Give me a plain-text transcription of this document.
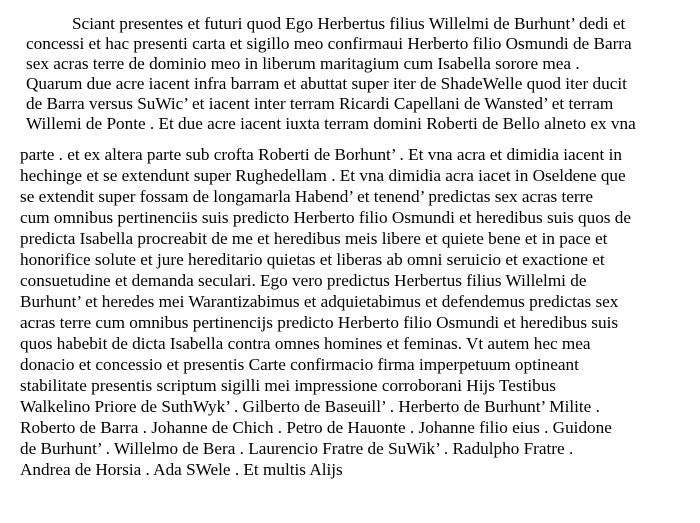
Sciant presentes et futuri quod Ego Herbertus filius Willelmi de Burhunt’ dedi et
concessi et hac presenti carta et sigillo meo confirmaui Herberto filio Osmundi de Barra
sex acras terre de dominio meo in liberum maritagium cum Isabella sorore mea .
Quarum due acre iacent infra barram et abuttat super iter de ShadeWelle quod iter ducit
de Barra versus SuWic’ et iacent inter terram Ricardi Capellani de Wansted’ et terram
Willemi de Ponte . Et due acre iacent iuxta terram domini Roberti de Bello alneto ex vna
parte . et ex altera parte sub crofta Roberti de Borhunt’ . Et vna acra et dimidia iacent in
hechinge et se extendunt super Rughedellam . Et vna dimidia acra iacet in Oseldene que
se extendit super fossam de longamarla Habend’ et tenend’ predictas sex acras terre
cum omnibus pertinenciis suis predicto Herberto filio Osmundi et heredibus suis quos de
predicta Isabella procreabit de me et heredibus meis libere et quiete bene et in pace et
honorifice solute et jure hereditario quietas et liberas ab omni seruicio et exactione et
consuetudine et demanda seculari. Ego vero predictus Herbertus filius Willelmi de
Burhunt’ et heredes mei Warantizabimus et adquietabimus et defendemus predictas sex
acras terre cum omnibus pertinencijs predicto Herberto filio Osmundi et heredibus suis
quos habebit de dicta Isabella contra omnes homines et feminas. Vt autem hec mea
donacio et concessio et presentis Carte confirmacio firma imperpetuum optineant
stabilitate presentis scriptum sigilli mei impressione corroborani Hijs Testibus
Walkelino Priore de SuthWyk’ . Gilberto de Baseuill’ . Herberto de Burhunt’ Milite .
Roberto de Barra . Johanne de Chich . Petro de Hauonte . Johanne filio eius . Guidone
de Burhunt’ . Willelmo de Bera . Laurencio Fratre de SuWik’ . Radulpho Fratre .
Andrea de Horsia . Ada SWele . Et multis Alijs
